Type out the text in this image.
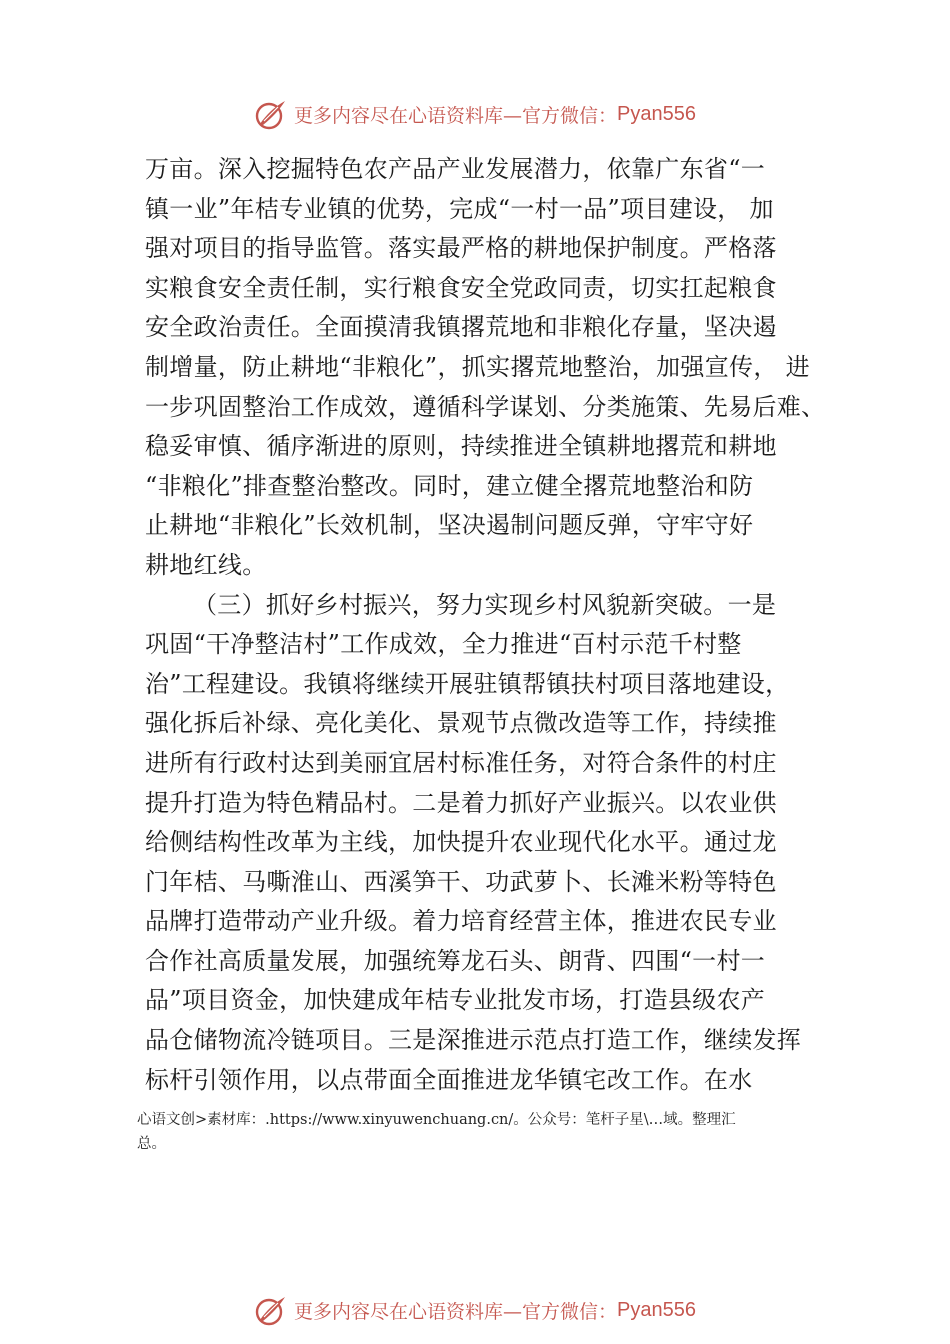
更多内容尽在心语资料库—官方微信： Pyan556
万亩。深入挖掘特色农产品产业发展潜力，依靠广东省“一
镇一业”年桔专业镇的优势，完成“一村一品”项目建设， 加
强对项目的指导监管。落实最严格的耕地保护制度。严格落
实粮食安全责任制，实行粮食安全党政同责，切实扛起粮食
安全政治责任。全面摸清我镇撂荒地和非粮化存量，坚决遏
制增量，防止耕地“非粮化”，抓实撂荒地整治，加强宣传， 进
一步巩固整治工作成效，遵循科学谋划、分类施策、先易后难、
稳妥审慎、循序渐进的原则，持续推进全镇耕地撂荒和耕地
“非粮化”排查整治整改。同时，建立健全撂荒地整治和防
止耕地“非粮化”长效机制，坚决遏制问题反弹，守牢守好
耕地红线。
（三）抓好乡村振兴，努力实现乡村风貌新突破。一是
巩固“干净整洁村”工作成效，全力推进“百村示范千村整
治”工程建设。我镇将继续开展驻镇帮镇扶村项目落地建设，
强化拆后补绿、亮化美化、景观节点微改造等工作，持续推
进所有行政村达到美丽宜居村标准任务，对符合条件的村庄
提升打造为特色精品村。二是着力抓好产业振兴。以农业供
给侧结构性改革为主线，加快提升农业现代化水平。通过龙
门年桔、马嘶淮山、西溪笋干、功武萝卜、长滩米粉等特色
品牌打造带动产业升级。着力培育经营主体，推进农民专业
合作社高质量发展，加强统筹龙石头、朗背、四围“一村一
品”项目资金，加快建成年桔专业批发市场，打造县级农产
品仓储物流冷链项目。三是深推进示范点打造工作，继续发挥
标杆引领作用，以点带面全面推进龙华镇宅改工作。在水
心语文创>素材库：.https://www.xinyuwenchuang.cn/。公众号：笔杆子星\…域。整理汇
总。
更多内容尽在心语资料库—官方微信： Pyan556
